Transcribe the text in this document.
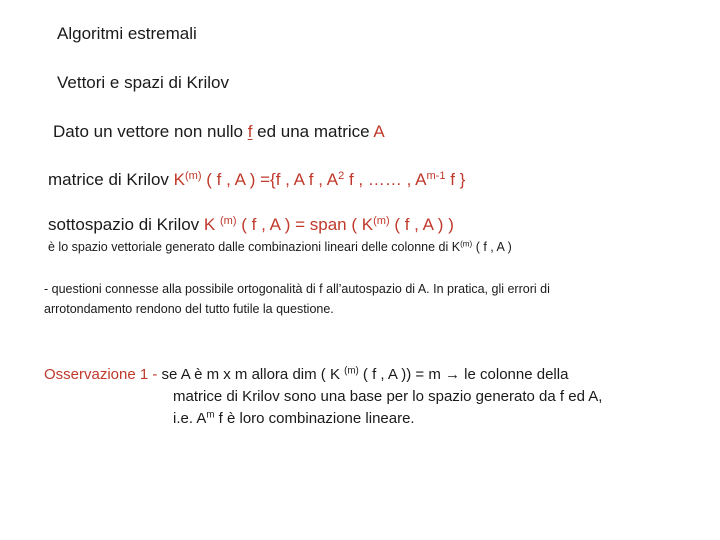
Algoritmi estremali
Vettori e spazi di Krilov
Dato un vettore non nullo f ed una matrice A
matrice di Krilov $K^{(m)}$ ( f , A ) ={f , A f , $A^2$ f , …… , $A^{m-1}$ f }
sottospazio di Krilov K $^{(m)}$ ( f , A ) = span ( $K^{(m)}$ ( f , A ) )
è lo spazio vettoriale generato dalle combinazioni lineari delle colonne di $K^{(m)}$ ( f , A )
- questioni connesse alla possibile ortogonalità di f all’autospazio di A. In pratica, gli errori di
arrotondamento rendono del tutto futile la questione.
Osservazione 1 - se A è m x m allora dim ( K $^{(m)}$ ( f , A )) = m → le colonne della
matrice di Krilov sono una base per lo spazio generato da f ed A,
i.e. $A^m$ f è loro combinazione lineare.
